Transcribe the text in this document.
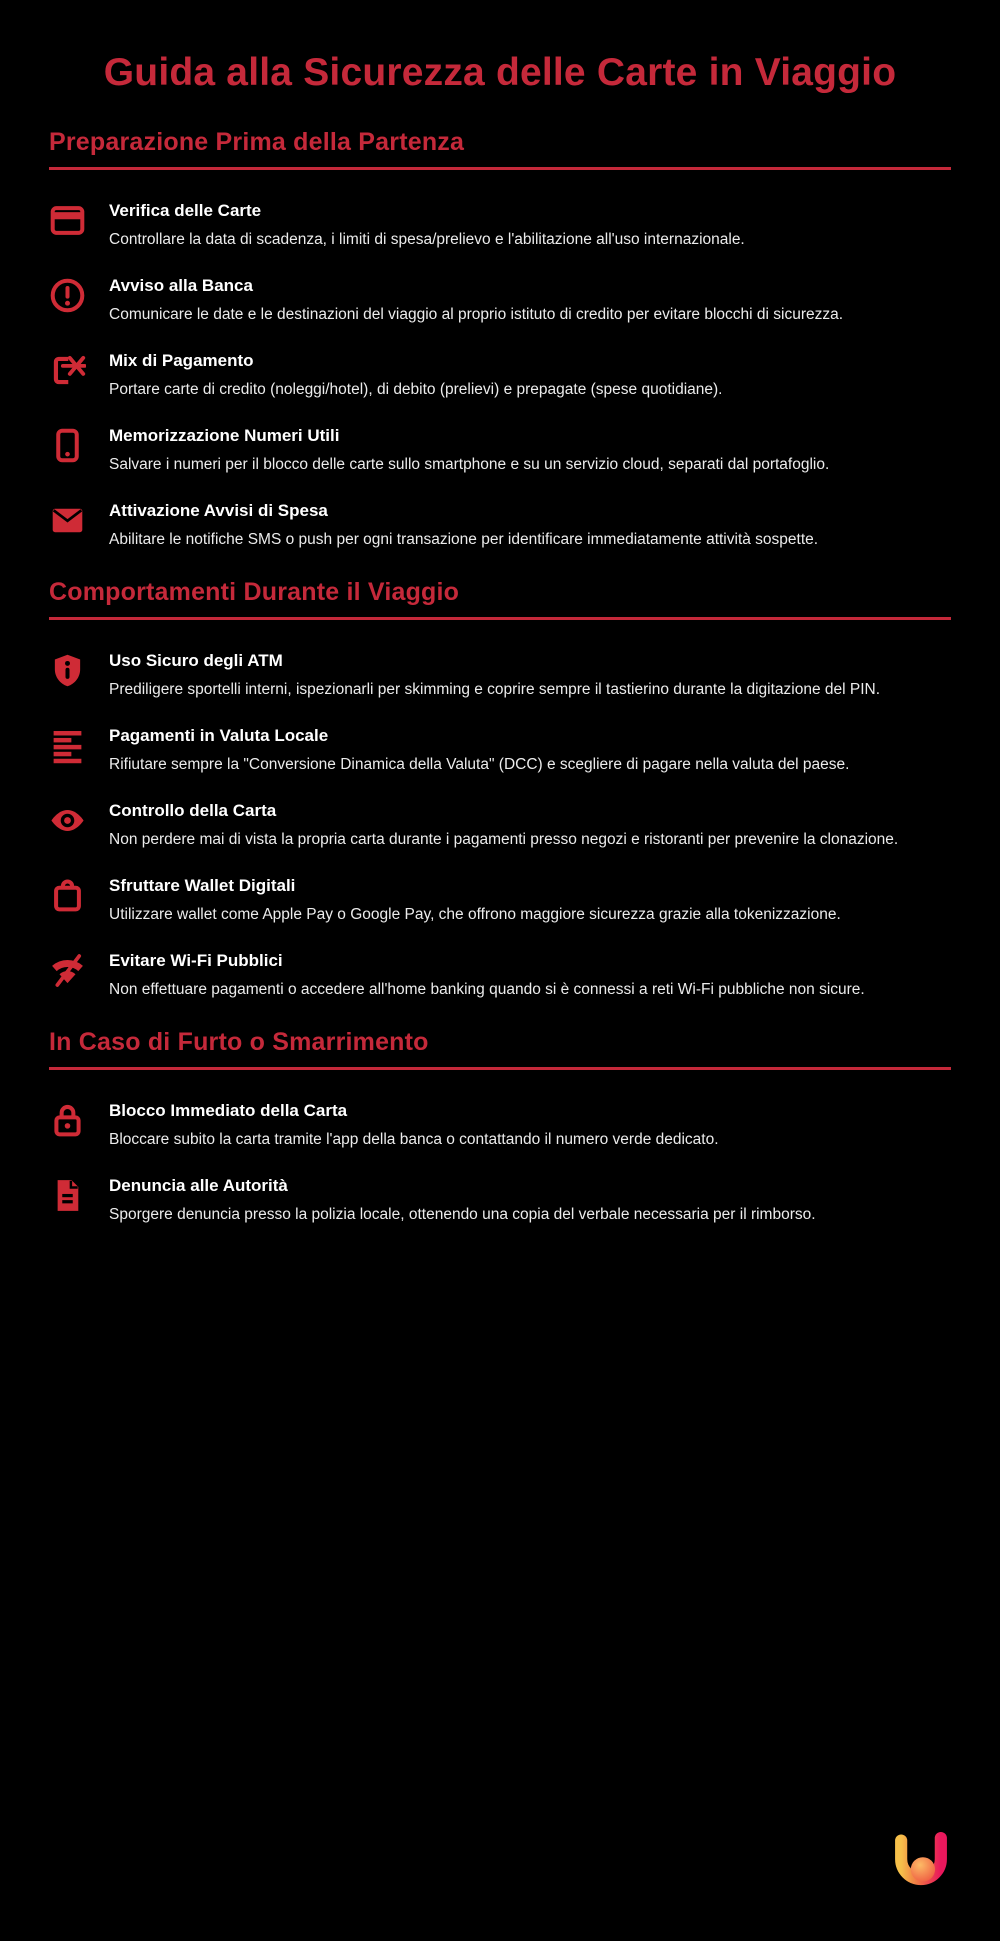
Guida alla Sicurezza delle Carte in Viaggio
Preparazione Prima della Partenza
Verifica delle Carte

Controllare la data di scadenza, i limiti di spesa/prelievo e l'abilitazione all'uso internazionale.

Avviso alla Banca

Comunicare le date e le destinazioni del viaggio al proprio istituto di credito per evitare blocchi di sicurezza.

Mix di Pagamento

Portare carte di credito (noleggi/hotel), di debito (prelievi) e prepagate (spese quotidiane).

Memorizzazione Numeri Utili

Salvare i numeri per il blocco delle carte sullo smartphone e su un servizio cloud, separati dal portafoglio.

Attivazione Avvisi di Spesa

Abilitare le notifiche SMS o push per ogni transazione per identificare immediatamente attività sospette.

Comportamenti Durante il Viaggio
Uso Sicuro degli ATM

Prediligere sportelli interni, ispezionarli per skimming e coprire sempre il tastierino durante la digitazione del PIN.

Pagamenti in Valuta Locale

Rifiutare sempre la "Conversione Dinamica della Valuta" (DCC) e scegliere di pagare nella valuta del paese.

Controllo della Carta

Non perdere mai di vista la propria carta durante i pagamenti presso negozi e ristoranti per prevenire la clonazione.

Sfruttare Wallet Digitali

Utilizzare wallet come Apple Pay o Google Pay, che offrono maggiore sicurezza grazie alla tokenizzazione.

Evitare Wi-Fi Pubblici

Non effettuare pagamenti o accedere all'home banking quando si è connessi a reti Wi-Fi pubbliche non sicure.

In Caso di Furto o Smarrimento
Blocco Immediato della Carta

Bloccare subito la carta tramite l'app della banca o contattando il numero verde dedicato.

Denuncia alle Autorità

Sporgere denuncia presso la polizia locale, ottenendo una copia del verbale necessaria per il rimborso.
